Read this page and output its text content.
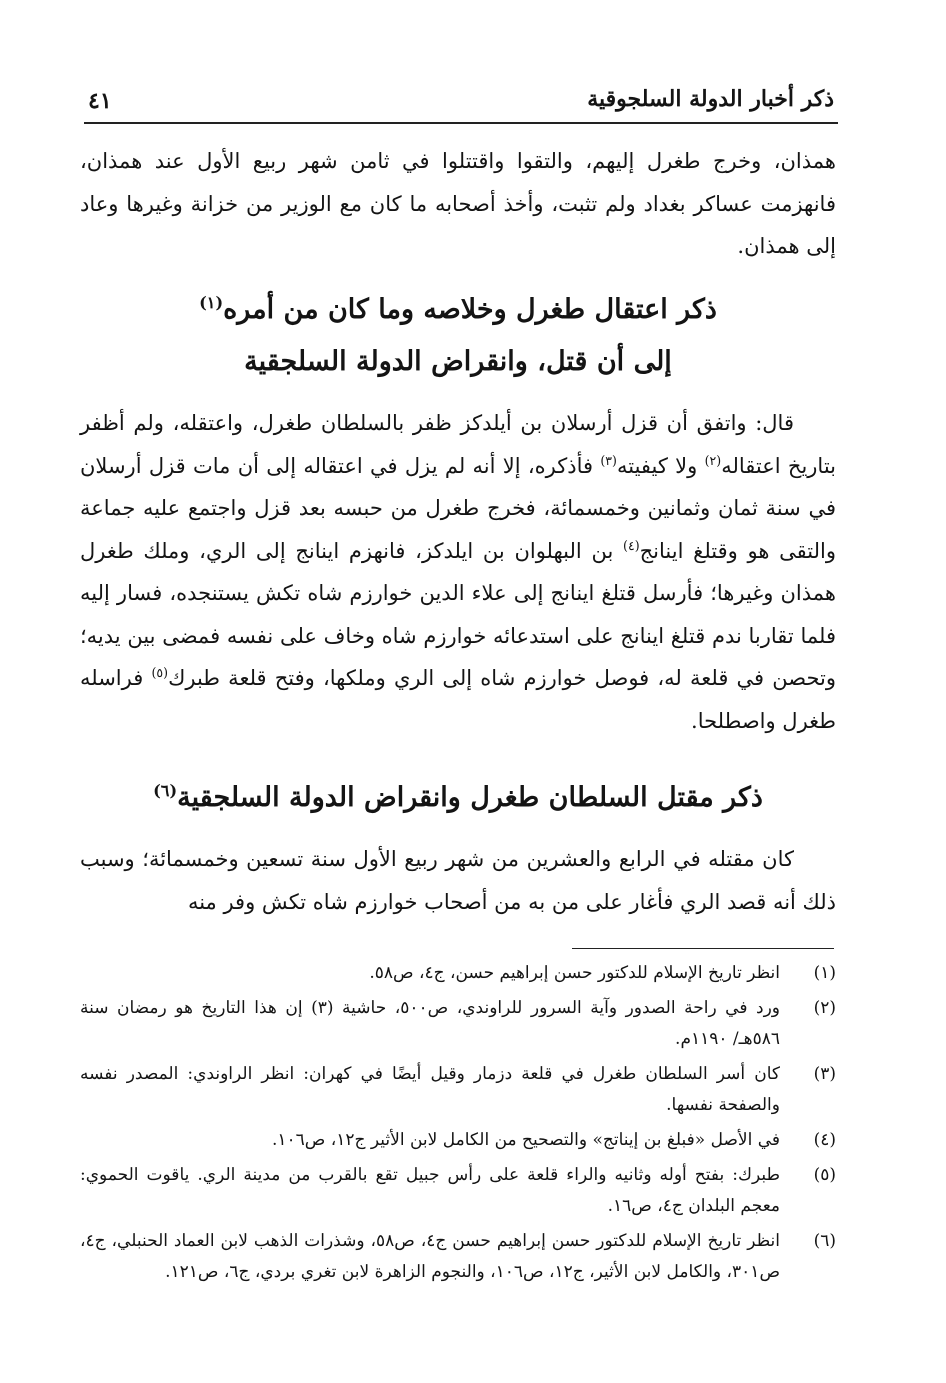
ذكر أخبار الدولة السلجوقية
٤١

همذان، وخرج طغرل إليهم، والتقوا واقتتلوا في ثامن شهر ربيع الأول عند همذان، فانهزمت عساكر بغداد ولم تثبت، وأخذ أصحابه ما كان مع الوزير من خزانة وغيرها وعاد إلى همذان.

ذكر اعتقال طغرل وخلاصه وما كان من أمره$^{(١)}$
إلى أن قتل، وانقراض الدولة السلجقية

قال: واتفق أن قزل أرسلان بن أيلدكز ظفر بالسلطان طغرل، واعتقله، ولم أظفر بتاريخ اعتقاله$^{(٢)}$ ولا كيفيته$^{(٣)}$ فأذكره، إلا أنه لم يزل في اعتقاله إلى أن مات قزل أرسلان في سنة ثمان وثمانين وخمسمائة، فخرج طغرل من حبسه بعد قزل واجتمع عليه جماعة والتقى هو وقتلغ اينانج$^{(٤)}$ بن البهلوان بن ايلدكز، فانهزم اينانج إلى الري، وملك طغرل همذان وغيرها؛ فأرسل قتلغ اينانج إلى علاء الدين خوارزم شاه تكش يستنجده، فسار إليه فلما تقاربا ندم قتلغ اينانج على استدعائه خوارزم شاه وخاف على نفسه فمضى بين يديه؛ وتحصن في قلعة له، فوصل خوارزم شاه إلى الري وملكها، وفتح قلعة طبرك$^{(٥)}$ فراسله طغرل واصطلحا.

ذكر مقتل السلطان طغرل وانقراض الدولة السلجقية$^{(٦)}$

كان مقتله في الرابع والعشرين من شهر ربيع الأول سنة تسعين وخمسمائة؛ وسبب ذلك أنه قصد الري فأغار على من به من أصحاب خوارزم شاه تكش وفر منه

(١)
انظر تاريخ الإسلام للدكتور حسن إبراهيم حسن، ج٤، ص٥٨.
(٢)
ورد في راحة الصدور وآية السرور للراوندي، ص٥٠٠، حاشية (٣) إن هذا التاريخ هو رمضان سنة ٥٨٦هـ/ ١١٩٠م.
(٣)
كان أسر السلطان طغرل في قلعة دزمار وقيل أيضًا في كهران: انظر الراوندي: المصدر نفسه والصفحة نفسها.
(٤)
في الأصل «فبلغ بن إيناتج» والتصحيح من الكامل لابن الأثير ج١٢، ص١٠٦.
(٥)
طبرك: بفتح أوله وثانيه والراء قلعة على رأس جبيل تقع بالقرب من مدينة الري. ياقوت الحموي: معجم البلدان ج٤، ص١٦.
(٦)
انظر تاريخ الإسلام للدكتور حسن إبراهيم حسن ج٤، ص٥٨، وشذرات الذهب لابن العماد الحنبلي، ج٤، ص٣٠١، والكامل لابن الأثير، ج١٢، ص١٠٦، والنجوم الزاهرة لابن تغري بردي، ج٦، ص١٢١.
